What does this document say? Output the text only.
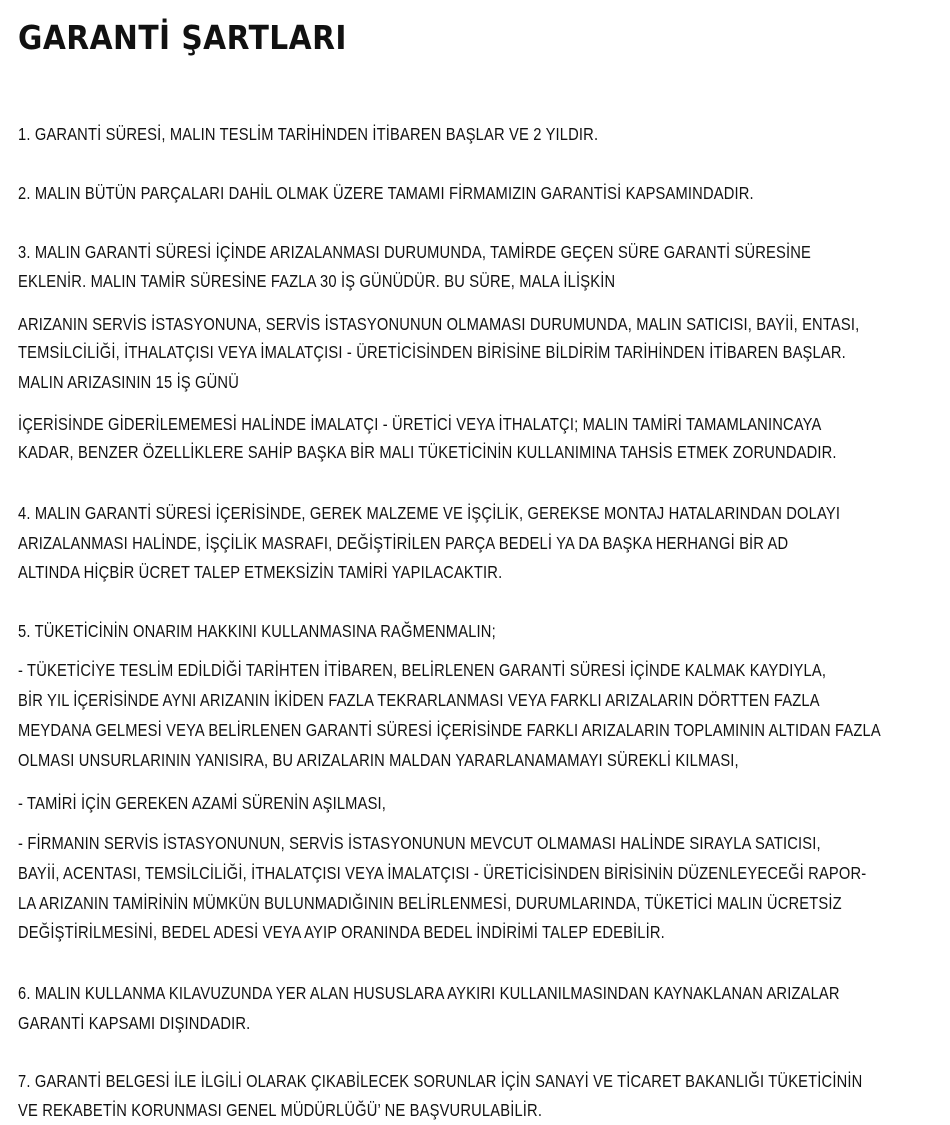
GARANTİ ŞARTLARI
1. GARANTİ SÜRESİ, MALIN TESLİM TARİHİNDEN İTİBAREN BAŞLAR VE 2 YILDIR.
2. MALIN BÜTÜN PARÇALARI DAHİL OLMAK ÜZERE TAMAMI FİRMAMIZIN GARANTİSİ KAPSAMINDADIR.
3. MALIN GARANTİ SÜRESİ İÇİNDE ARIZALANMASI DURUMUNDA, TAMİRDE GEÇEN SÜRE GARANTİ SÜRESİNE
EKLENİR. MALIN TAMİR SÜRESİNE FAZLA 30 İŞ GÜNÜDÜR. BU SÜRE, MALA İLİŞKİN
ARIZANIN SERVİS İSTASYONUNA, SERVİS İSTASYONUNUN OLMAMASI DURUMUNDA, MALIN SATICISI, BAYİİ, ENTASI,
TEMSİLCİLİĞİ, İTHALATÇISI VEYA İMALATÇISI - ÜRETİCİSİNDEN BİRİSİNE BİLDİRİM TARİHİNDEN İTİBAREN BAŞLAR.
MALIN ARIZASININ 15 İŞ GÜNÜ
İÇERİSİNDE GİDERİLEMEMESİ HALİNDE İMALATÇI - ÜRETİCİ VEYA İTHALATÇI; MALIN TAMİRİ TAMAMLANINCAYA
KADAR, BENZER ÖZELLİKLERE SAHİP BAŞKA BİR MALI TÜKETİCİNİN KULLANIMINA TAHSİS ETMEK ZORUNDADIR.
4. MALIN GARANTİ SÜRESİ İÇERİSİNDE, GEREK MALZEME VE İŞÇİLİK, GEREKSE MONTAJ HATALARINDAN DOLAYI
ARIZALANMASI HALİNDE, İŞÇİLİK MASRAFI, DEĞİŞTİRİLEN PARÇA BEDELİ YA DA BAŞKA HERHANGİ BİR AD
ALTINDA HİÇBİR ÜCRET TALEP ETMEKSİZİN TAMİRİ YAPILACAKTIR.
5. TÜKETİCİNİN ONARIM HAKKINI KULLANMASINA RAĞMENMALIN;
- TÜKETİCİYE TESLİM EDİLDİĞİ TARİHTEN İTİBAREN, BELİRLENEN GARANTİ SÜRESİ İÇİNDE KALMAK KAYDIYLA,
BİR YIL İÇERİSİNDE AYNI ARIZANIN İKİDEN FAZLA TEKRARLANMASI VEYA FARKLI ARIZALARIN DÖRTTEN FAZLA
MEYDANA GELMESİ VEYA BELİRLENEN GARANTİ SÜRESİ İÇERİSİNDE FARKLI ARIZALARIN TOPLAMININ ALTIDAN FAZLA
OLMASI UNSURLARININ YANISIRA, BU ARIZALARIN MALDAN YARARLANAMAMAYI SÜREKLİ KILMASI,
- TAMİRİ İÇİN GEREKEN AZAMİ SÜRENİN AŞILMASI,
- FİRMANIN SERVİS İSTASYONUNUN, SERVİS İSTASYONUNUN MEVCUT OLMAMASI HALİNDE SIRAYLA SATICISI,
BAYİİ, ACENTASI, TEMSİLCİLİĞİ, İTHALATÇISI VEYA İMALATÇISI - ÜRETİCİSİNDEN BİRİSİNİN DÜZENLEYECEĞİ RAPOR-
LA ARIZANIN TAMİRİNİN MÜMKÜN BULUNMADIĞININ BELİRLENMESİ, DURUMLARINDA, TÜKETİCİ MALIN ÜCRETSİZ
DEĞİŞTİRİLMESİNİ, BEDEL ADESİ VEYA AYIP ORANINDA BEDEL İNDİRİMİ TALEP EDEBİLİR.
6. MALIN KULLANMA KILAVUZUNDA YER ALAN HUSUSLARA AYKIRI KULLANILMASINDAN KAYNAKLANAN ARIZALAR
GARANTİ KAPSAMI DIŞINDADIR.
7. GARANTİ BELGESİ İLE İLGİLİ OLARAK ÇIKABİLECEK SORUNLAR İÇİN SANAYİ VE TİCARET BAKANLIĞI TÜKETİCİNİN
VE REKABETİN KORUNMASI GENEL MÜDÜRLÜĞÜ’ NE BAŞVURULABİLİR.
